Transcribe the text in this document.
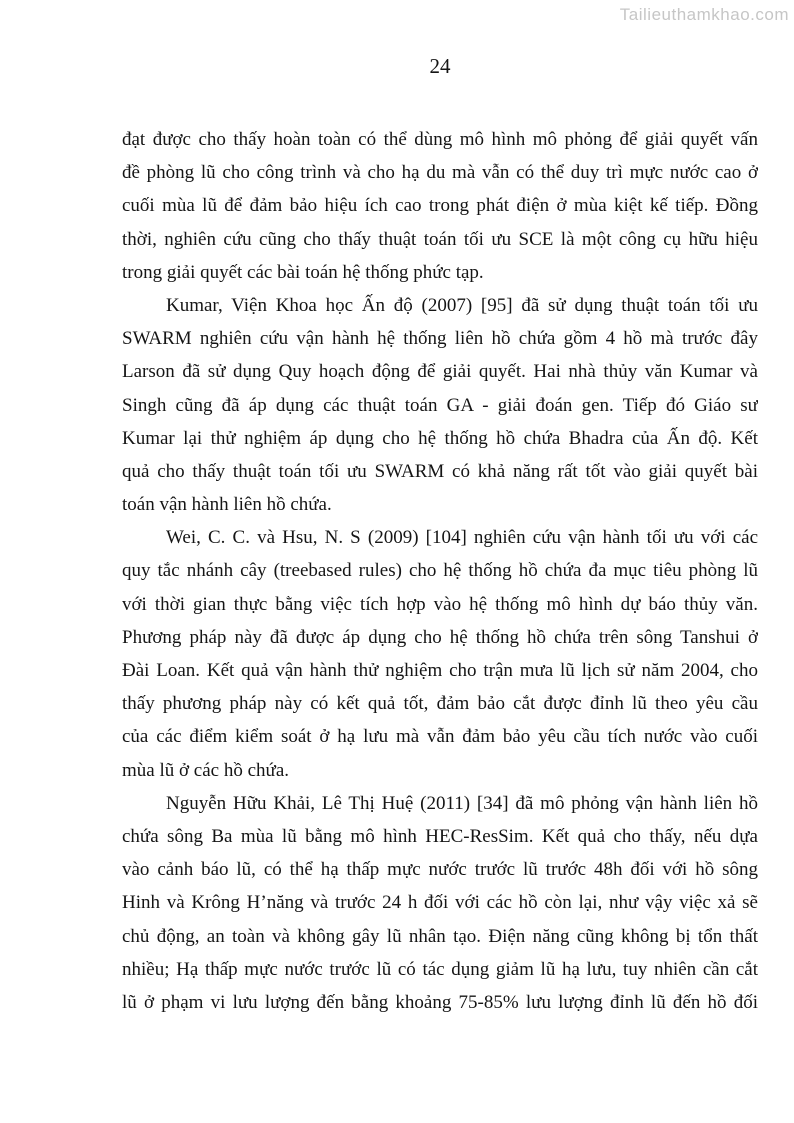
Tailieuthamkhao.com
24
đạt được cho thấy hoàn toàn có thể dùng mô hình mô phỏng để giải quyết vấn
đề phòng lũ cho công trình và cho hạ du mà vẫn có thể duy trì mực nước cao ở
cuối mùa lũ để đảm bảo hiệu ích cao trong phát điện ở mùa kiệt kế tiếp. Đồng
thời, nghiên cứu cũng cho thấy thuật toán tối ưu SCE là một công cụ hữu hiệu
trong giải quyết các bài toán hệ thống phức tạp.
Kumar, Viện Khoa học Ấn độ (2007) [95] đã sử dụng thuật toán tối ưu
SWARM nghiên cứu vận hành hệ thống liên hồ chứa gồm 4 hồ mà trước đây
Larson đã sử dụng Quy hoạch động để giải quyết. Hai nhà thủy văn Kumar và
Singh cũng đã áp dụng các thuật toán GA - giải đoán gen. Tiếp đó Giáo sư
Kumar lại thử nghiệm áp dụng cho hệ thống hồ chứa Bhadra của Ấn độ. Kết
quả cho thấy thuật toán tối ưu SWARM có khả năng rất tốt vào giải quyết bài
toán vận hành liên hồ chứa.
Wei, C. C. và Hsu, N. S (2009) [104] nghiên cứu vận hành tối ưu với các
quy tắc nhánh cây (treebased rules) cho hệ thống hồ chứa đa mục tiêu phòng lũ
với thời gian thực bằng việc tích hợp vào hệ thống mô hình dự báo thủy văn.
Phương pháp này đã được áp dụng cho hệ thống hồ chứa trên sông Tanshui ở
Đài Loan. Kết quả vận hành thử nghiệm cho trận mưa lũ lịch sử năm 2004, cho
thấy phương pháp này có kết quả tốt, đảm bảo cắt được đỉnh lũ theo yêu cầu
của các điểm kiểm soát ở hạ lưu mà vẫn đảm bảo yêu cầu tích nước vào cuối
mùa lũ ở các hồ chứa.
Nguyễn Hữu Khải, Lê Thị Huệ (2011) [34] đã mô phỏng vận hành liên hồ
chứa sông Ba mùa lũ bằng mô hình HEC-ResSim. Kết quả cho thấy, nếu dựa
vào cảnh báo lũ, có thể hạ thấp mực nước trước lũ trước 48h đối với hồ sông
Hinh và Krông H’năng và trước 24 h đối với các hồ còn lại, như vậy việc xả sẽ
chủ động, an toàn và không gây lũ nhân tạo. Điện năng cũng không bị tổn thất
nhiều; Hạ thấp mực nước trước lũ có tác dụng giảm lũ hạ lưu, tuy nhiên cần cắt
lũ ở phạm vi lưu lượng đến bằng khoảng 75-85% lưu lượng đỉnh lũ đến hồ đối
